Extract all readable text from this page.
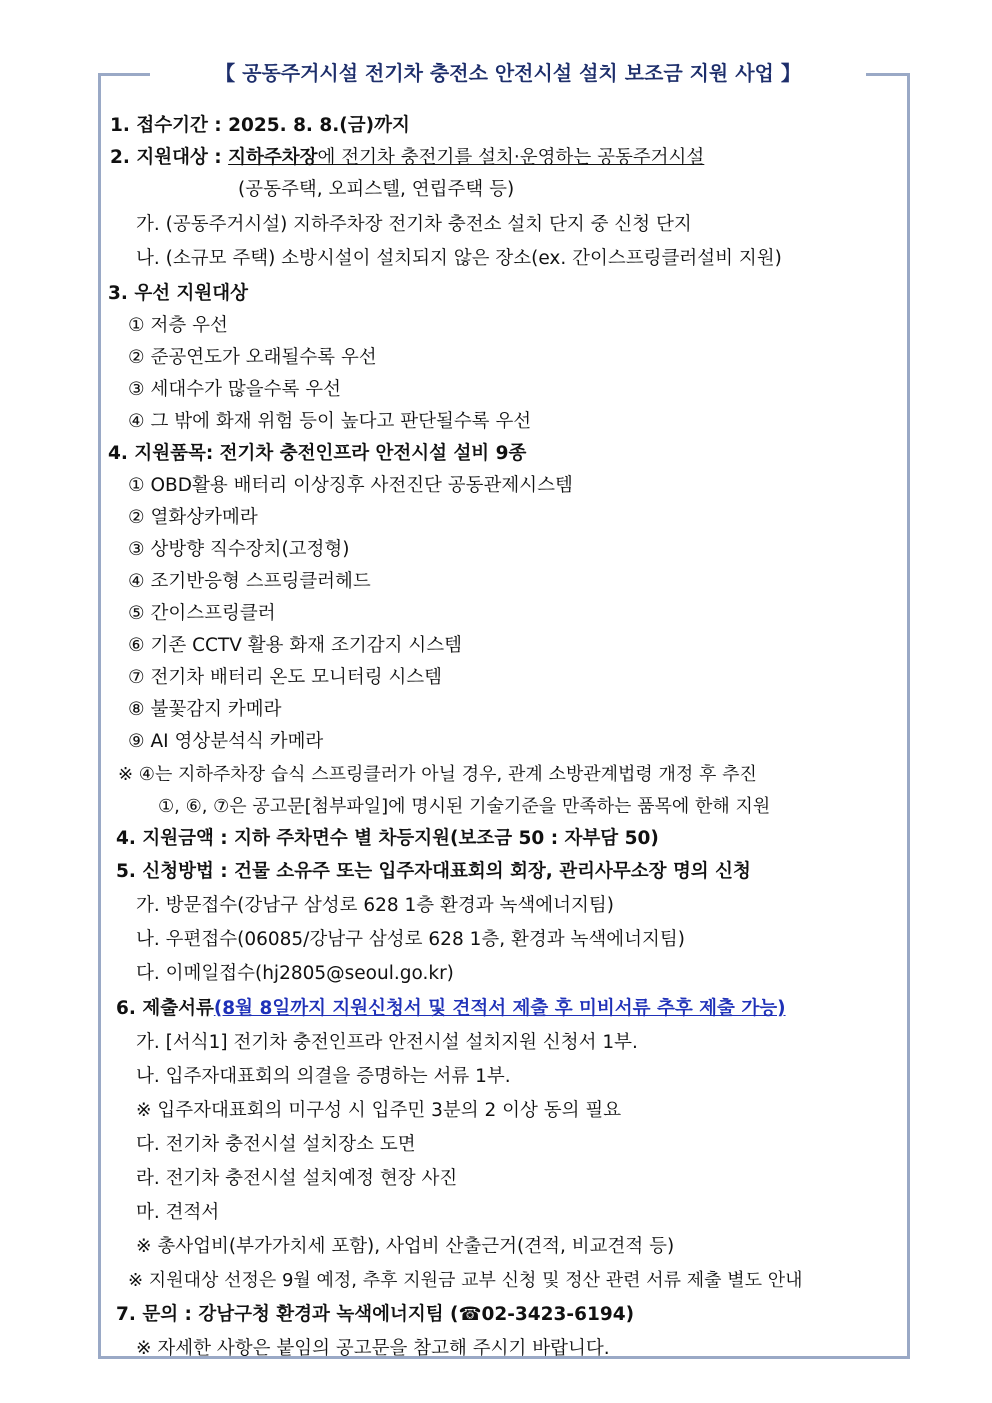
【 공동주거시설 전기차 충전소 안전시설 설치 보조금 지원 사업 】
1. 접수기간 : 2025. 8. 8.(금)까지
2. 지원대상 : 지하주차장에 전기차 충전기를 설치·운영하는 공동주거시설
(공동주택, 오피스텔, 연립주택 등)
가. (공동주거시설) 지하주차장 전기차 충전소 설치 단지 중 신청 단지
나. (소규모 주택) 소방시설이 설치되지 않은 장소(ex. 간이스프링클러설비 지원)
3. 우선 지원대상
① 저층 우선
② 준공연도가 오래될수록 우선
③ 세대수가 많을수록 우선
④ 그 밖에 화재 위험 등이 높다고 판단될수록 우선
4. 지원품목: 전기차 충전인프라 안전시설 설비 9종
① OBD활용 배터리 이상징후 사전진단 공동관제시스템
② 열화상카메라
③ 상방향 직수장치(고정형)
④ 조기반응형 스프링클러헤드
⑤ 간이스프링클러
⑥ 기존 CCTV 활용 화재 조기감지 시스템
⑦ 전기차 배터리 온도 모니터링 시스템
⑧ 불꽃감지 카메라
⑨ AI 영상분석식 카메라
※ ④는 지하주차장 습식 스프링클러가 아닐 경우, 관계 소방관계법령 개정 후 추진
①, ⑥, ⑦은 공고문[첨부파일]에 명시된 기술기준을 만족하는 품목에 한해 지원
4. 지원금액 : 지하 주차면수 별 차등지원(보조금 50 : 자부담 50)
5. 신청방법 : 건물 소유주 또는 입주자대표회의 회장, 관리사무소장 명의 신청
가. 방문접수(강남구 삼성로 628 1층 환경과 녹색에너지팀)
나. 우편접수(06085/강남구 삼성로 628 1층, 환경과 녹색에너지팀)
다. 이메일접수(hj2805@seoul.go.kr)
6. 제출서류(8월 8일까지 지원신청서 및 견적서 제출 후 미비서류 추후 제출 가능)
가. [서식1] 전기차 충전인프라 안전시설 설치지원 신청서 1부.
나. 입주자대표회의 의결을 증명하는 서류 1부.
※ 입주자대표회의 미구성 시 입주민 3분의 2 이상 동의 필요
다. 전기차 충전시설 설치장소 도면
라. 전기차 충전시설 설치예정 현장 사진
마. 견적서
※ 총사업비(부가가치세 포함), 사업비 산출근거(견적, 비교견적 등)
※ 지원대상 선정은 9월 예정, 추후 지원금 교부 신청 및 정산 관련 서류 제출 별도 안내
7. 문의 : 강남구청 환경과 녹색에너지팀 (☎02-3423-6194)
※ 자세한 사항은 붙임의 공고문을 참고해 주시기 바랍니다.
